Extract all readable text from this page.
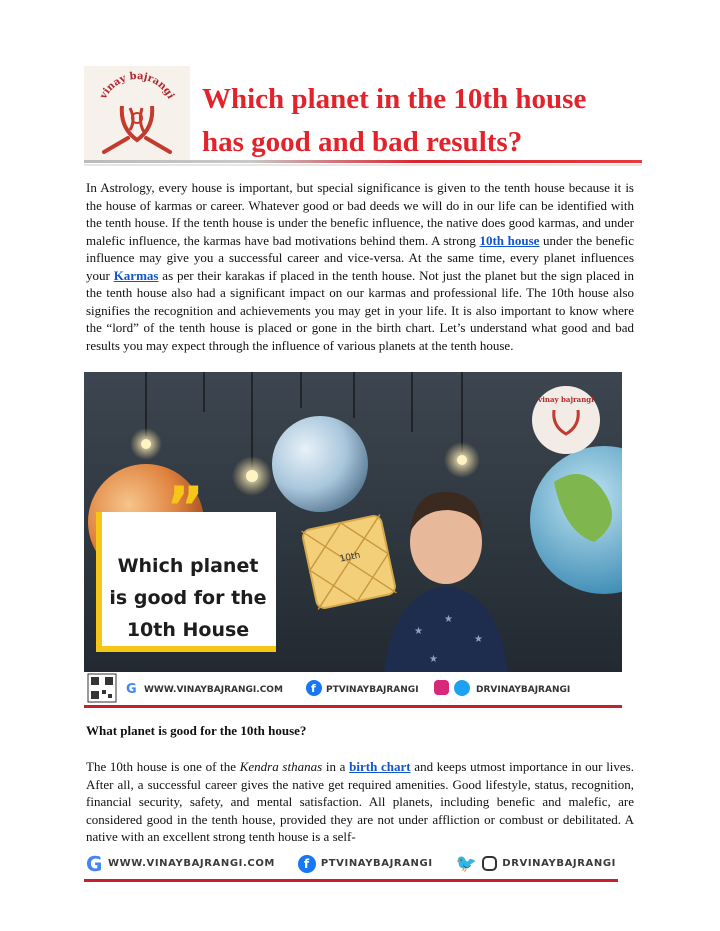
vinay bajrangi Which planet in the 10th house
has good and bad results?

In Astrology, every house is important, but special significance is given to the tenth house because it is the house of karmas or career. Whatever good or bad deeds we will do in our life can be identified with the tenth house. If the tenth house is under the benefic influence, the native does good karmas, and under malefic influence, the karmas have bad motivations behind them. A strong 10th house under the benefic influence may give you a successful career and vice-versa. At the same time, every planet influences your Karmas as per their karakas if placed in the tenth house. Not just the planet but the sign placed in the tenth house also had a significant impact on our karmas and professional life. The 10th house also signifies the recognition and achievements you may get in your life. It is also important to know where the “lord” of the tenth house is placed or gone in the birth chart. Let’s understand what good and bad results you may expect through the influence of various planets at the tenth house.

vinay bajrangi
”
Which planet
is good for the
10th House
10th
★
★
★
★
G WWW.VINAYBAJRANGI.COM	f PTVINAYBAJRANGI	DRVINAYBAJRANGI

What planet is good for the 10th house?

The 10th house is one of the Kendra sthanas in a birth chart and keeps utmost importance in our lives. After all, a successful career gives the native get required amenities. Good lifestyle, status, recognition, financial security, safety, and mental satisfaction. All planets, including benefic and malefic, are considered good in the tenth house, provided they are not under affliction or combust or debilitated. A native with an excellent strong tenth house is a self-

G WWW.VINAYBAJRANGI.COM	f	PTVINAYBAJRANGI 🐦	DRVINAYBAJRANGI
